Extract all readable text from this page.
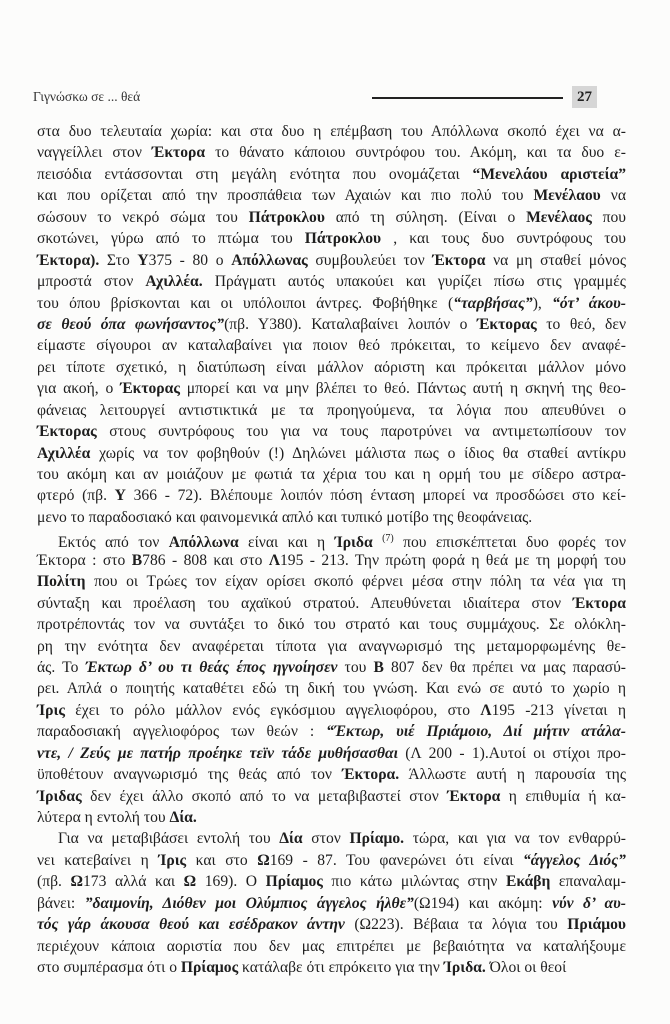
Γιγνώσκω σε ... θεά	27
στα δυο τελευταία χωρία: και στα δυο η επέμβαση του Απόλλωνα σκοπό έχει να α-
ναγγείλλει στον Έκτορα το θάνατο κάποιου συντρόφου του. Ακόμη, και τα δυο ε-
πεισόδια εντάσσονται στη μεγάλη ενότητα που ονομάζεται “Μενελάου αριστεία”
και που ορίζεται από την προσπάθεια των Αχαιών και πιο πολύ του Μενέλαου να
σώσουν το νεκρό σώμα του Πάτροκλου από τη σύληση. (Είναι ο Μενέλαος που
σκοτώνει, γύρω από το πτώμα του Πάτροκλου , και τους δυο συντρόφους του
Έκτορα). Στο Υ375 - 80 ο Απόλλωνας συμβουλεύει τον Έκτορα να μη σταθεί μόνος
μπροστά στον Αχιλλέα. Πράγματι αυτός υπακούει και γυρίζει πίσω στις γραμμές
του όπου βρίσκονται και οι υπόλοιποι άντρες. Φοβήθηκε (“ταρβήσας”), “ότ’ άκου-
σε θεού όπα φωνήσαντος”(πβ. Υ380). Καταλαβαίνει λοιπόν ο Έκτορας το θεό, δεν
είμαστε σίγουροι αν καταλαβαίνει για ποιον θεό πρόκειται, το κείμενο δεν αναφέ-
ρει τίποτε σχετικό, η διατύπωση είναι μάλλον αόριστη και πρόκειται μάλλον μόνο
για ακοή, ο Έκτορας μπορεί και να μην βλέπει το θεό. Πάντως αυτή η σκηνή της θεο-
φάνειας λειτουργεί αντιστικτικά με τα προηγούμενα, τα λόγια που απευθύνει ο
Έκτορας στους συντρόφους του για να τους παροτρύνει να αντιμετωπίσουν τον
Αχιλλέα χωρίς να τον φοβηθούν (!) Δηλώνει μάλιστα πως ο ίδιος θα σταθεί αντίκρυ
του ακόμη και αν μοιάζουν με φωτιά τα χέρια του και η ορμή του με σίδερο αστρα-
φτερό (πβ. Υ 366 - 72). Βλέπουμε λοιπόν πόση ένταση μπορεί να προσδώσει στο κεί-
μενο το παραδοσιακό και φαινομενικά απλό και τυπικό μοτίβο της θεοφάνειας.
Εκτός από τον Απόλλωνα είναι και η Ίριδα $^{(7)}$ που επισκέπτεται δυο φορές τον
Έκτορα : στο Β786 - 808 και στο Λ195 - 213. Την πρώτη φορά η θεά με τη μορφή του
Πολίτη που οι Τρώες τον είχαν ορίσει σκοπό φέρνει μέσα στην πόλη τα νέα για τη
σύνταξη και προέλαση του αχαϊκού στρατού. Απευθύνεται ιδιαίτερα στον Έκτορα
προτρέποντάς τον να συντάξει το δικό του στρατό και τους συμμάχους. Σε ολόκλη-
ρη την ενότητα δεν αναφέρεται τίποτα για αναγνωρισμό της μεταμορφωμένης θε-
άς. Το Έκτωρ δ’ ου τι θεάς έπος ηγνοίησεν του Β 807 δεν θα πρέπει να μας παρασύ-
ρει. Απλά ο ποιητής καταθέτει εδώ τη δική του γνώση. Και ενώ σε αυτό το χωρίο η
Ίρις έχει το ρόλο μάλλον ενός εγκόσμιου αγγελιοφόρου, στο Λ195 -213 γίνεται η
παραδοσιακή αγγελιοφόρος των θεών : “Έκτωρ, υιέ Πριάμοιο, Διί μήτιν ατάλα-
ντε, / Ζεύς με πατήρ προέηκε τεϊν τάδε μυθήσασθαι (Λ 200 - 1).Αυτοί οι στίχοι προ-
ϋποθέτουν αναγνωρισμό της θεάς από τον Έκτορα. Άλλωστε αυτή η παρουσία της
Ίριδας δεν έχει άλλο σκοπό από το να μεταβιβαστεί στον Έκτορα η επιθυμία ή κα-
λύτερα η εντολή του Δία.
Για να μεταβιβάσει εντολή του Δία στον Πρίαμο. τώρα, και για να τον ενθαρρύ-
νει κατεβαίνει η Ίρις και στο Ω169 - 87. Του φανερώνει ότι είναι “άγγελος Διός”
(πβ. Ω173 αλλά και Ω 169). Ο Πρίαμος πιο κάτω μιλώντας στην Εκάβη επαναλαμ-
βάνει: ”δαιμονίη, Διόθεν μοι Ολύμπιος άγγελος ήλθε”(Ω194) και ακόμη: νύν δ’ αυ-
τός γάρ άκουσα θεού και εσέδρακον άντην (Ω223). Βέβαια τα λόγια του Πριάμου
περιέχουν κάποια αοριστία που δεν μας επιτρέπει με βεβαιότητα να καταλήξουμε
στο συμπέρασμα ότι ο Πρίαμος κατάλαβε ότι επρόκειτο για την Ίριδα. Όλοι οι θεοί
